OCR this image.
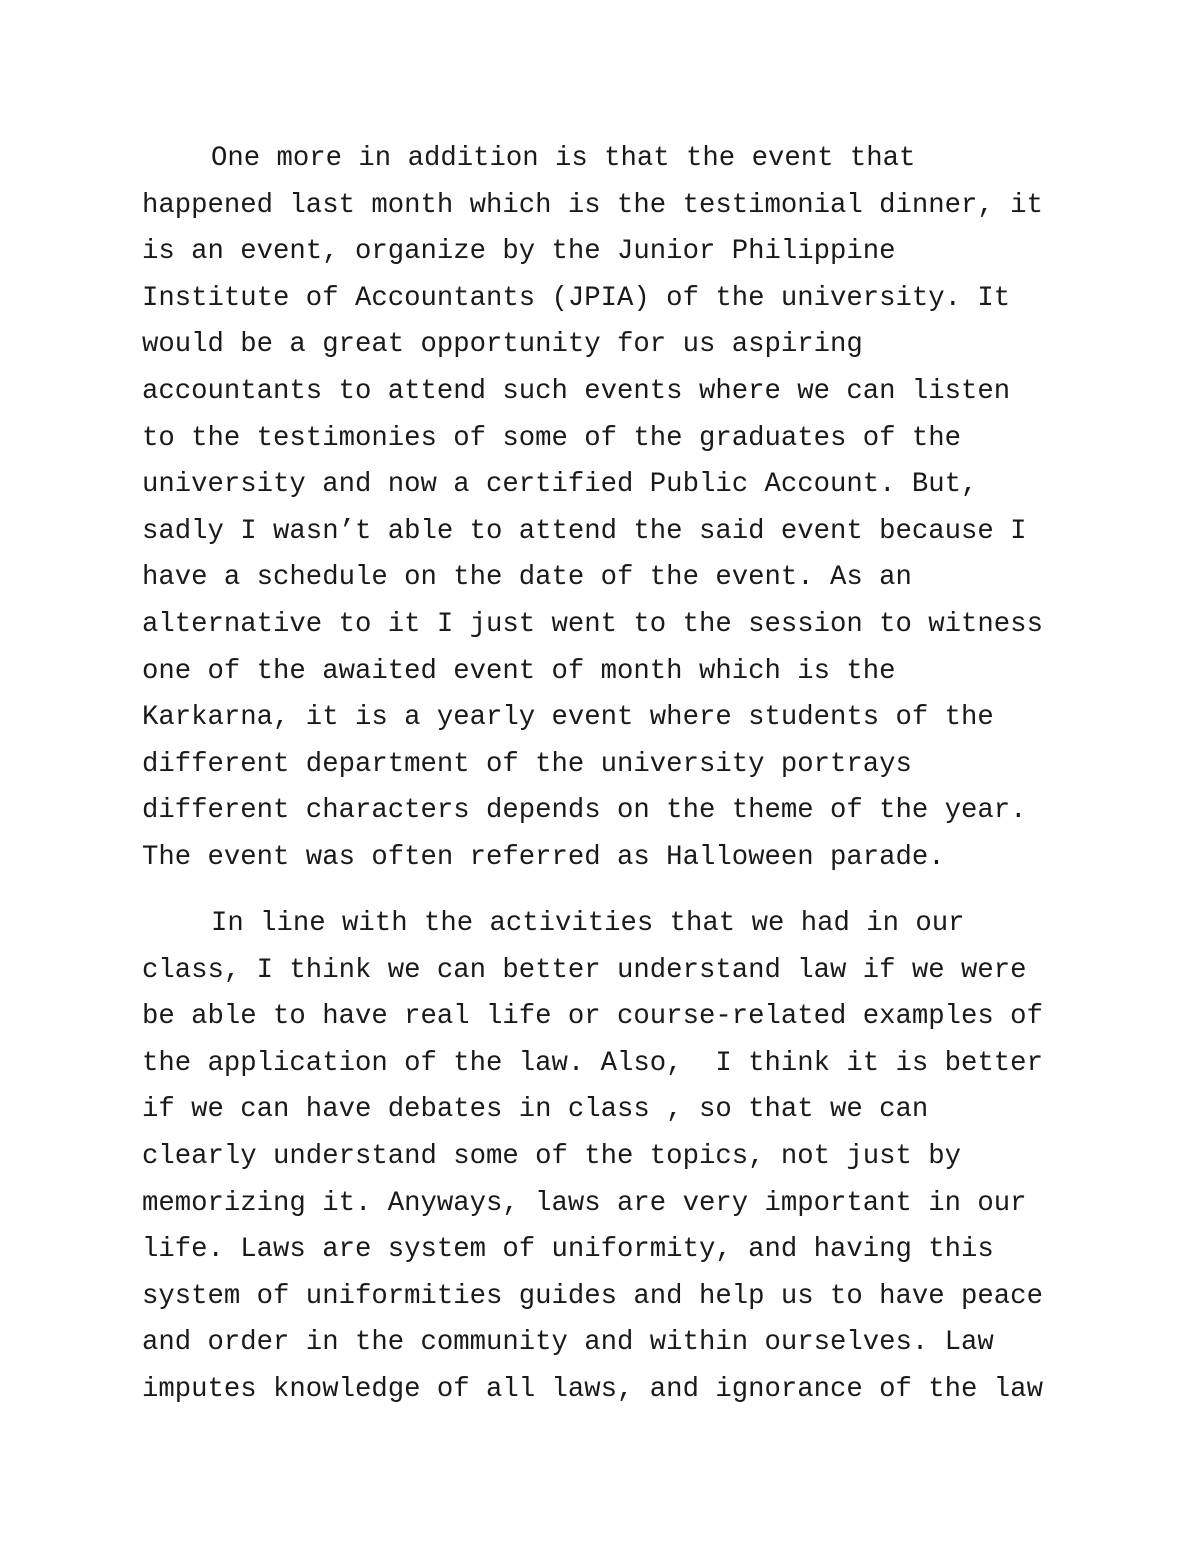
One more in addition is that the event that
happened last month which is the testimonial dinner, it
is an event, organize by the Junior Philippine
Institute of Accountants (JPIA) of the university. It
would be a great opportunity for us aspiring
accountants to attend such events where we can listen
to the testimonies of some of the graduates of the
university and now a certified Public Account. But,
sadly I wasn’t able to attend the said event because I
have a schedule on the date of the event. As an
alternative to it I just went to the session to witness
one of the awaited event of month which is the
Karkarna, it is a yearly event where students of the
different department of the university portrays
different characters depends on the theme of the year.
The event was often referred as Halloween parade.
In line with the activities that we had in our
class, I think we can better understand law if we were
be able to have real life or course-related examples of
the application of the law. Also,  I think it is better
if we can have debates in class , so that we can
clearly understand some of the topics, not just by
memorizing it. Anyways, laws are very important in our
life. Laws are system of uniformity, and having this
system of uniformities guides and help us to have peace
and order in the community and within ourselves. Law
imputes knowledge of all laws, and ignorance of the law
